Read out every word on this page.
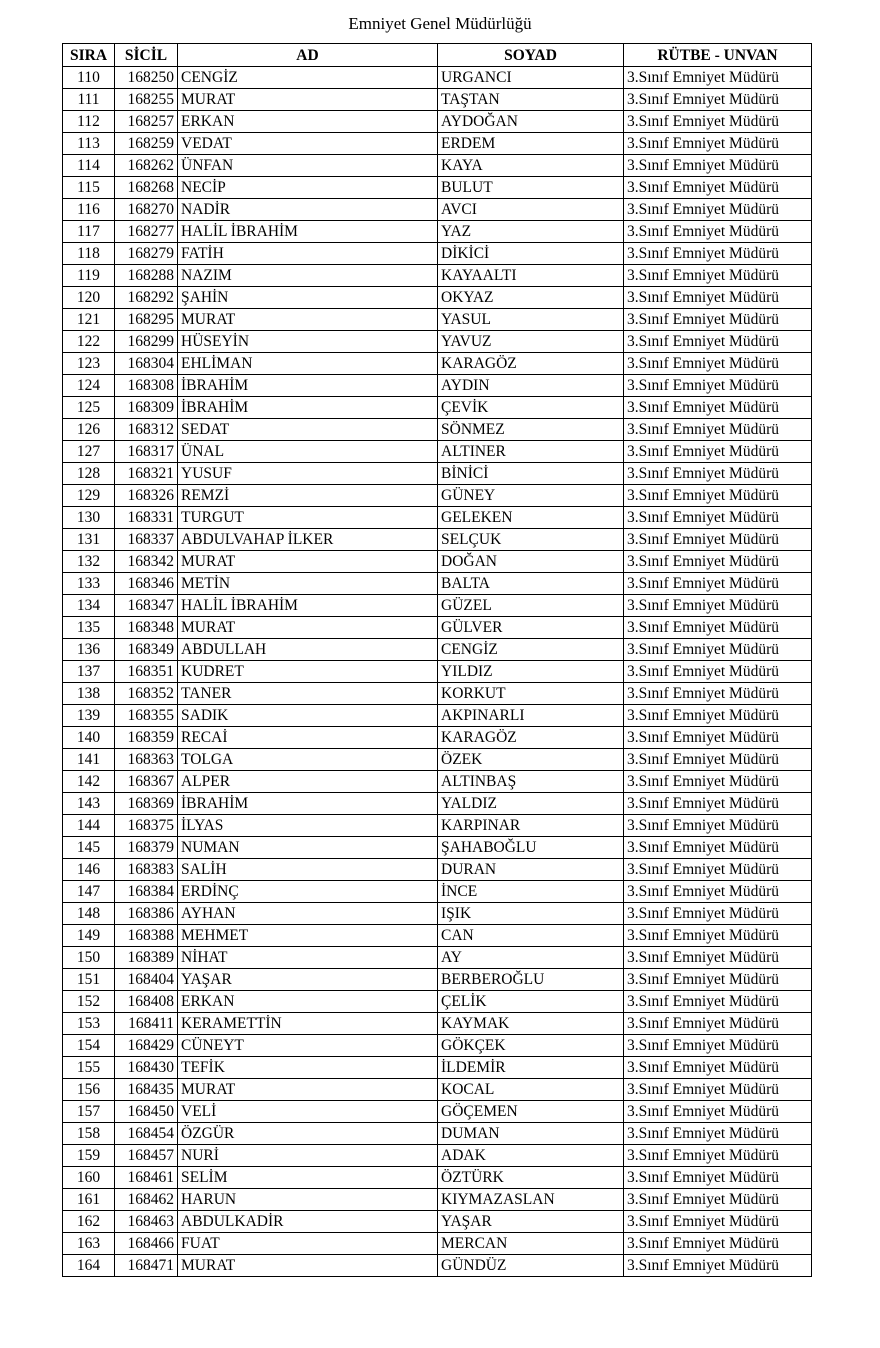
Emniyet Genel Müdürlüğü
SIRA	SİCİL	AD	SOYAD	RÜTBE - UNVAN
110	168250	CENGİZ	URGANCI	3.Sınıf Emniyet Müdürü
111	168255	MURAT	TAŞTAN	3.Sınıf Emniyet Müdürü
112	168257	ERKAN	AYDOĞAN	3.Sınıf Emniyet Müdürü
113	168259	VEDAT	ERDEM	3.Sınıf Emniyet Müdürü
114	168262	ÜNFAN	KAYA	3.Sınıf Emniyet Müdürü
115	168268	NECİP	BULUT	3.Sınıf Emniyet Müdürü
116	168270	NADİR	AVCI	3.Sınıf Emniyet Müdürü
117	168277	HALİL İBRAHİM	YAZ	3.Sınıf Emniyet Müdürü
118	168279	FATİH	DİKİCİ	3.Sınıf Emniyet Müdürü
119	168288	NAZIM	KAYAALTI	3.Sınıf Emniyet Müdürü
120	168292	ŞAHİN	OKYAZ	3.Sınıf Emniyet Müdürü
121	168295	MURAT	YASUL	3.Sınıf Emniyet Müdürü
122	168299	HÜSEYİN	YAVUZ	3.Sınıf Emniyet Müdürü
123	168304	EHLİMAN	KARAGÖZ	3.Sınıf Emniyet Müdürü
124	168308	İBRAHİM	AYDIN	3.Sınıf Emniyet Müdürü
125	168309	İBRAHİM	ÇEVİK	3.Sınıf Emniyet Müdürü
126	168312	SEDAT	SÖNMEZ	3.Sınıf Emniyet Müdürü
127	168317	ÜNAL	ALTINER	3.Sınıf Emniyet Müdürü
128	168321	YUSUF	BİNİCİ	3.Sınıf Emniyet Müdürü
129	168326	REMZİ	GÜNEY	3.Sınıf Emniyet Müdürü
130	168331	TURGUT	GELEKEN	3.Sınıf Emniyet Müdürü
131	168337	ABDULVAHAP İLKER	SELÇUK	3.Sınıf Emniyet Müdürü
132	168342	MURAT	DOĞAN	3.Sınıf Emniyet Müdürü
133	168346	METİN	BALTA	3.Sınıf Emniyet Müdürü
134	168347	HALİL İBRAHİM	GÜZEL	3.Sınıf Emniyet Müdürü
135	168348	MURAT	GÜLVER	3.Sınıf Emniyet Müdürü
136	168349	ABDULLAH	CENGİZ	3.Sınıf Emniyet Müdürü
137	168351	KUDRET	YILDIZ	3.Sınıf Emniyet Müdürü
138	168352	TANER	KORKUT	3.Sınıf Emniyet Müdürü
139	168355	SADIK	AKPINARLI	3.Sınıf Emniyet Müdürü
140	168359	RECAİ	KARAGÖZ	3.Sınıf Emniyet Müdürü
141	168363	TOLGA	ÖZEK	3.Sınıf Emniyet Müdürü
142	168367	ALPER	ALTINBAŞ	3.Sınıf Emniyet Müdürü
143	168369	İBRAHİM	YALDIZ	3.Sınıf Emniyet Müdürü
144	168375	İLYAS	KARPINAR	3.Sınıf Emniyet Müdürü
145	168379	NUMAN	ŞAHABOĞLU	3.Sınıf Emniyet Müdürü
146	168383	SALİH	DURAN	3.Sınıf Emniyet Müdürü
147	168384	ERDİNÇ	İNCE	3.Sınıf Emniyet Müdürü
148	168386	AYHAN	IŞIK	3.Sınıf Emniyet Müdürü
149	168388	MEHMET	CAN	3.Sınıf Emniyet Müdürü
150	168389	NİHAT	AY	3.Sınıf Emniyet Müdürü
151	168404	YAŞAR	BERBEROĞLU	3.Sınıf Emniyet Müdürü
152	168408	ERKAN	ÇELİK	3.Sınıf Emniyet Müdürü
153	168411	KERAMETTİN	KAYMAK	3.Sınıf Emniyet Müdürü
154	168429	CÜNEYT	GÖKÇEK	3.Sınıf Emniyet Müdürü
155	168430	TEFİK	İLDEMİR	3.Sınıf Emniyet Müdürü
156	168435	MURAT	KOCAL	3.Sınıf Emniyet Müdürü
157	168450	VELİ	GÖÇEMEN	3.Sınıf Emniyet Müdürü
158	168454	ÖZGÜR	DUMAN	3.Sınıf Emniyet Müdürü
159	168457	NURİ	ADAK	3.Sınıf Emniyet Müdürü
160	168461	SELİM	ÖZTÜRK	3.Sınıf Emniyet Müdürü
161	168462	HARUN	KIYMAZASLAN	3.Sınıf Emniyet Müdürü
162	168463	ABDULKADİR	YAŞAR	3.Sınıf Emniyet Müdürü
163	168466	FUAT	MERCAN	3.Sınıf Emniyet Müdürü
164	168471	MURAT	GÜNDÜZ	3.Sınıf Emniyet Müdürü
